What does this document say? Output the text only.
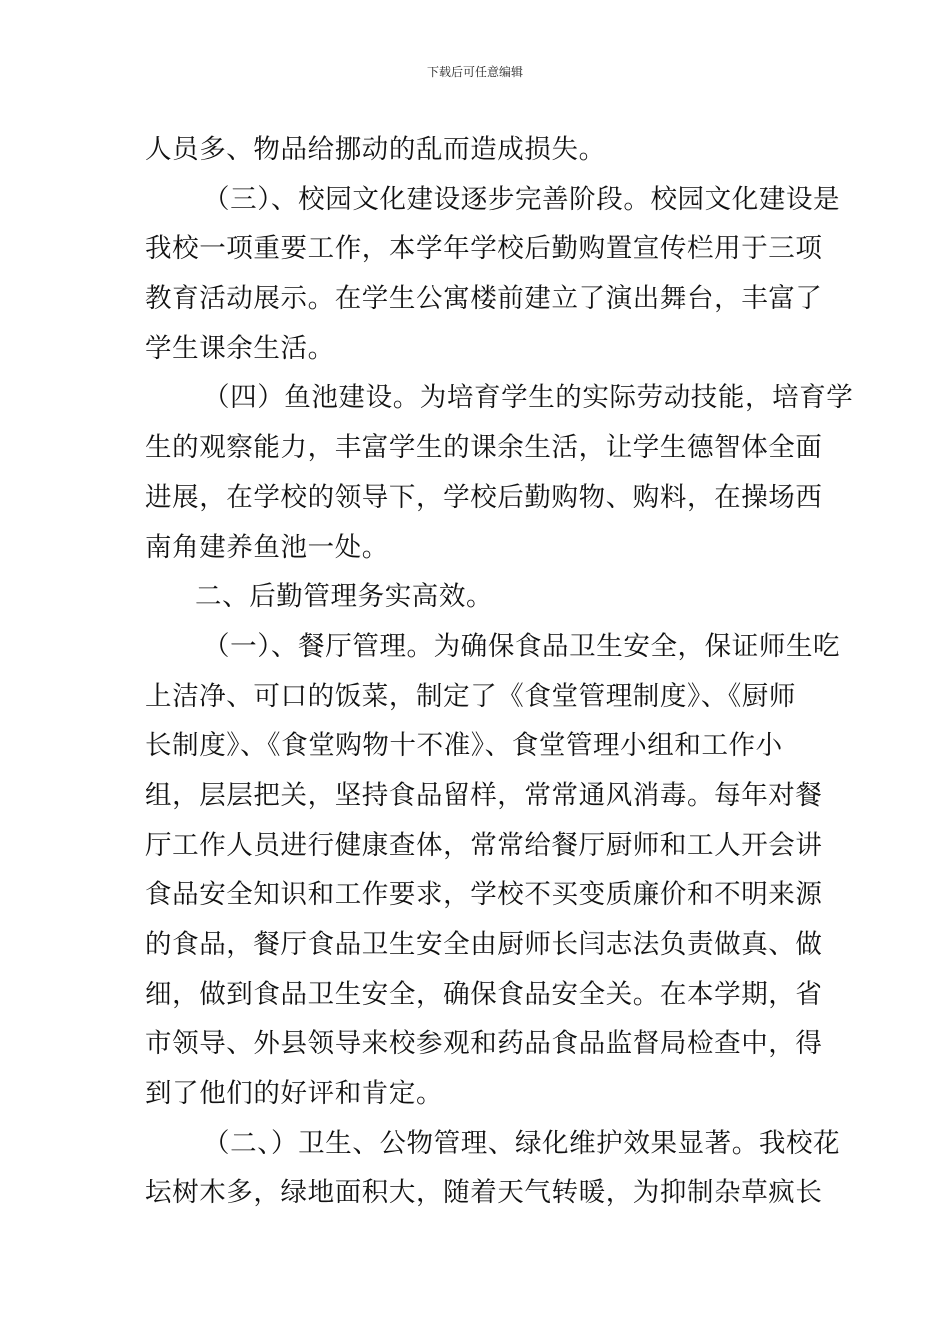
下载后可任意编辑
人员多、物品给挪动的乱而造成损失。
（三）、校园文化建设逐步完善阶段。校园文化建设是
我校一项重要工作，本学年学校后勤购置宣传栏用于三项
教育活动展示。在学生公寓楼前建立了演出舞台，丰富了
学生课余生活。
（四）鱼池建设。为培育学生的实际劳动技能，培育学
生的观察能力，丰富学生的课余生活，让学生德智体全面
进展，在学校的领导下，学校后勤购物、购料，在操场西
南角建养鱼池一处。
二、后勤管理务实高效。
（一）、餐厅管理。为确保食品卫生安全，保证师生吃
上洁净、可口的饭菜，制定了《食堂管理制度》、《厨师
长制度》、《食堂购物十不准》、食堂管理小组和工作小
组，层层把关，坚持食品留样，常常通风消毒。每年对餐
厅工作人员进行健康查体，常常给餐厅厨师和工人开会讲
食品安全知识和工作要求，学校不买变质廉价和不明来源
的食品，餐厅食品卫生安全由厨师长闫志法负责做真、做
细，做到食品卫生安全，确保食品安全关。在本学期，省
市领导、外县领导来校参观和药品食品监督局检查中，得
到了他们的好评和肯定。
（二、）卫生、公物管理、绿化维护效果显著。我校花
坛树木多，绿地面积大，随着天气转暖，为抑制杂草疯长
